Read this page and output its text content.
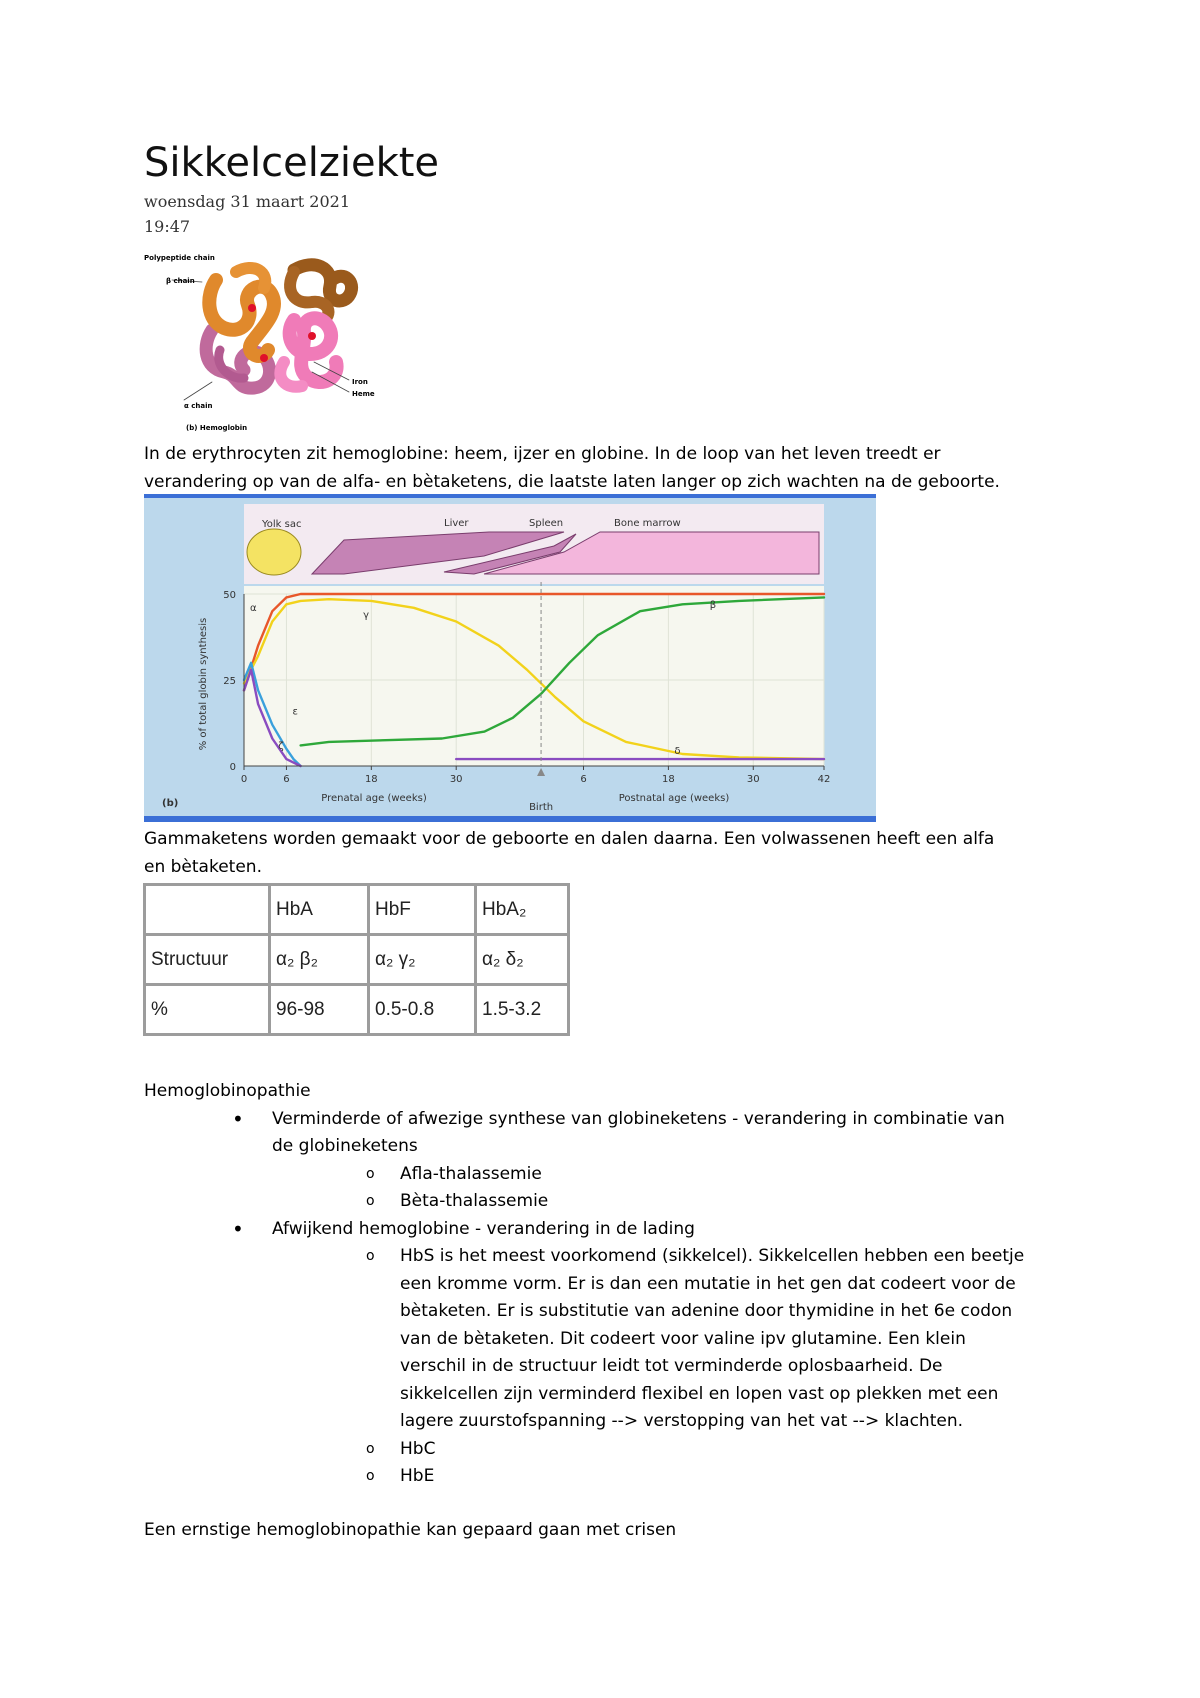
Sikkelcelziekte
woensdag 31 maart 2021
19:47
Polypeptide chain
β chain
Iron
Heme
α chain
(b) Hemoglobin
In de erythrocyten zit hemoglobine: heem, ijzer en globine. In de loop van het leven treedt er
verandering op van de alfa- en bètaketens, die laatste laten langer op zich wachten na de geboorte.
Yolk sac	Liver	Spleen	Bone marrow
α
γ
ε
ζ
β
δ
0	6	18	30	6	18	30	42
0
25
50
% of total globin synthesis
(b)	Prenatal age (weeks)	Postnatal age (weeks)
Birth
Gammaketens worden gemaakt voor de geboorte en dalen daarna. Een volwassenen heeft een alfa
en bètaketen.
	HbA	HbF	HbA₂
Structuur	α₂ β₂	α₂ γ₂	α₂ δ₂
%	96-98	0.5-0.8	1.5-3.2
Hemoglobinopathie
• Verminderde of afwezige synthese van globineketens - verandering in combinatie van
de globineketens
o Afla-thalassemie
o Bèta-thalassemie
• Afwijkend hemoglobine - verandering in de lading
o HbS is het meest voorkomend (sikkelcel). Sikkelcellen hebben een beetje
een kromme vorm. Er is dan een mutatie in het gen dat codeert voor de
bètaketen. Er is substitutie van adenine door thymidine in het 6e codon
van de bètaketen. Dit codeert voor valine ipv glutamine. Een klein
verschil in de structuur leidt tot verminderde oplosbaarheid. De
sikkelcellen zijn verminderd flexibel en lopen vast op plekken met een
lagere zuurstofspanning --> verstopping van het vat --> klachten.
o HbC
o HbE
Een ernstige hemoglobinopathie kan gepaard gaan met crisen
